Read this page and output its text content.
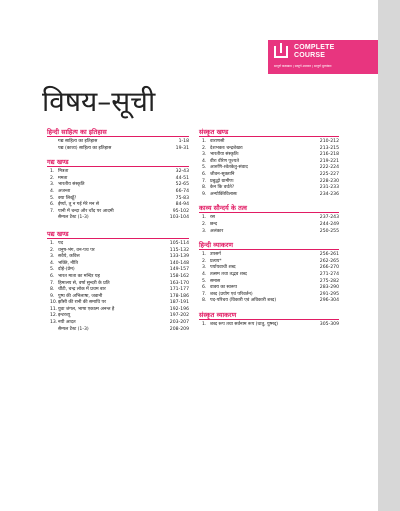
COMPLETE
COURSE
सम्पूर्ण पाठ्यक्रम | सम्पूर्ण अध्ययन | सम्पूर्ण मूल्यांकन
विषय–सूची
हिन्दी साहित्य का इतिहास
गद्य साहित्य का इतिहास	1-18
पद्य (काव्य) साहित्य का इतिहास	19-31
गद्य खण्ड
1. मित्रता	32-43
2. ममता	44-51
3. भारतीय संस्कृति	52-65
4. अजन्ता	66-74
5. क्या लिखूँ?	75-83
6. ईर्ष्या, तू न गई मेरे मन से	84-94
7. पानी में चन्दा और चाँद पर आदमी	95-102
सैम्पल टैस्ट (1-3)	103-104
पद्य खण्ड
1. पद	105-114
2. धनुष-भंग, वन-पथ पर	115-132
3. सवैये, कवित्त	133-139
4. भक्ति, नीति	140-148
5. दोहे-(प्रेम)	149-157
6. भारत माता का मन्दिर यह	158-162
7. हिमालय से, वर्षा सुन्दरी के प्रति	163-170
8. चींटी, चन्द्र लोक में प्रथम बार	171-177
9. पुष्प की अभिलाषा, जवानी	178-186
10. झाँसी की रानी की समाधि पर	187-191
11. युवा जंगल, भाषा एकात्म अनन्त है	192-196
12. इन्टरव्यू	197-202
13. नयी आदत	203-207
सैम्पल टैस्ट (1-3)	208-209
संस्कृत खण्ड
1. वाराणसी	210-212
2. देशभक्तः चन्द्रशेखरः	213-215
3. भारतीया संस्कृतिः	216-218
4. वीरः वीरेण पूज्यते	219-221
5. आरुणि-श्वेतकेतु-संवाद	222-224
6. जीवन-सूक्तानि	225-227
7. प्रबुद्धो ग्रामीणः	228-230
8. केन कि वर्धते?	231-233
9. अन्योक्तिविलासः	234-236
काव्य सौन्दर्य के तत्व
1. रस	237-243
2. छन्द	244-249
3. अलंकार	250-255
हिन्दी व्याकरण
1. उपसर्ग	256-261
2. प्रत्यय*	262-265
3. पर्यायवाची शब्द	266-270
4. तत्सम तथा तद्भव शब्द	271-274
5. समास	275-282
6. वाक्य का स्वरूप	283-290
7. शब्द (प्रयोग एवं परिवर्तन)	291-295
8. पद-परिचय (विकारी एवं अविकारी शब्द)	296-304
संस्कृत व्याकरण
1. शब्द रूप तथा सर्वनाम रूप (धातु, युष्मद्)	305-309
